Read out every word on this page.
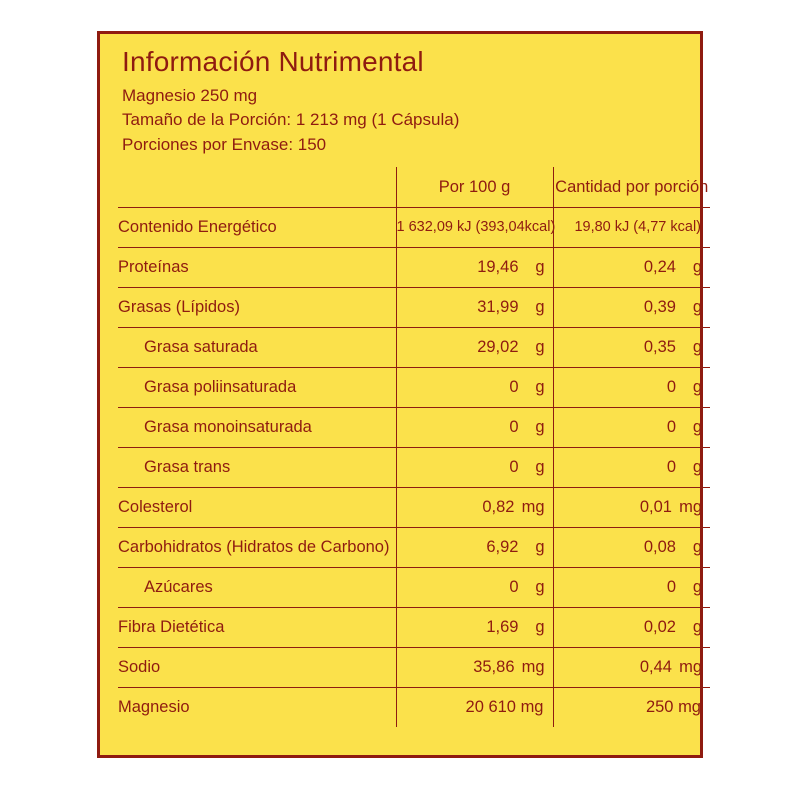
Información Nutrimental
Magnesio 250 mg
Tamaño de la Porción: 1 213 mg (1 Cápsula)
Porciones por Envase: 150
	Por 100 g	Cantidad por porción
Contenido Energético	1 632,09 kJ (393,04kcal)	19,80 kJ (4,77 kcal)

Proteínas	19,46 g	0,24 g

Grasas (Lípidos)	31,99 g	0,39 g

Grasa saturada	29,02 g	0,35 g

Grasa poliinsaturada	0 g	0 g

Grasa monoinsaturada	0 g	0 g

Grasa trans	0 g	0 g

Colesterol	0,82 mg	0,01 mg

Carbohidratos (Hidratos de Carbono)	6,92 g	0,08 g

Azúcares	0 g	0 g

Fibra Dietética	1,69 g	0,02 g

Sodio	35,86 mg	0,44 mg

Magnesio	20 610 mg	250 mg
